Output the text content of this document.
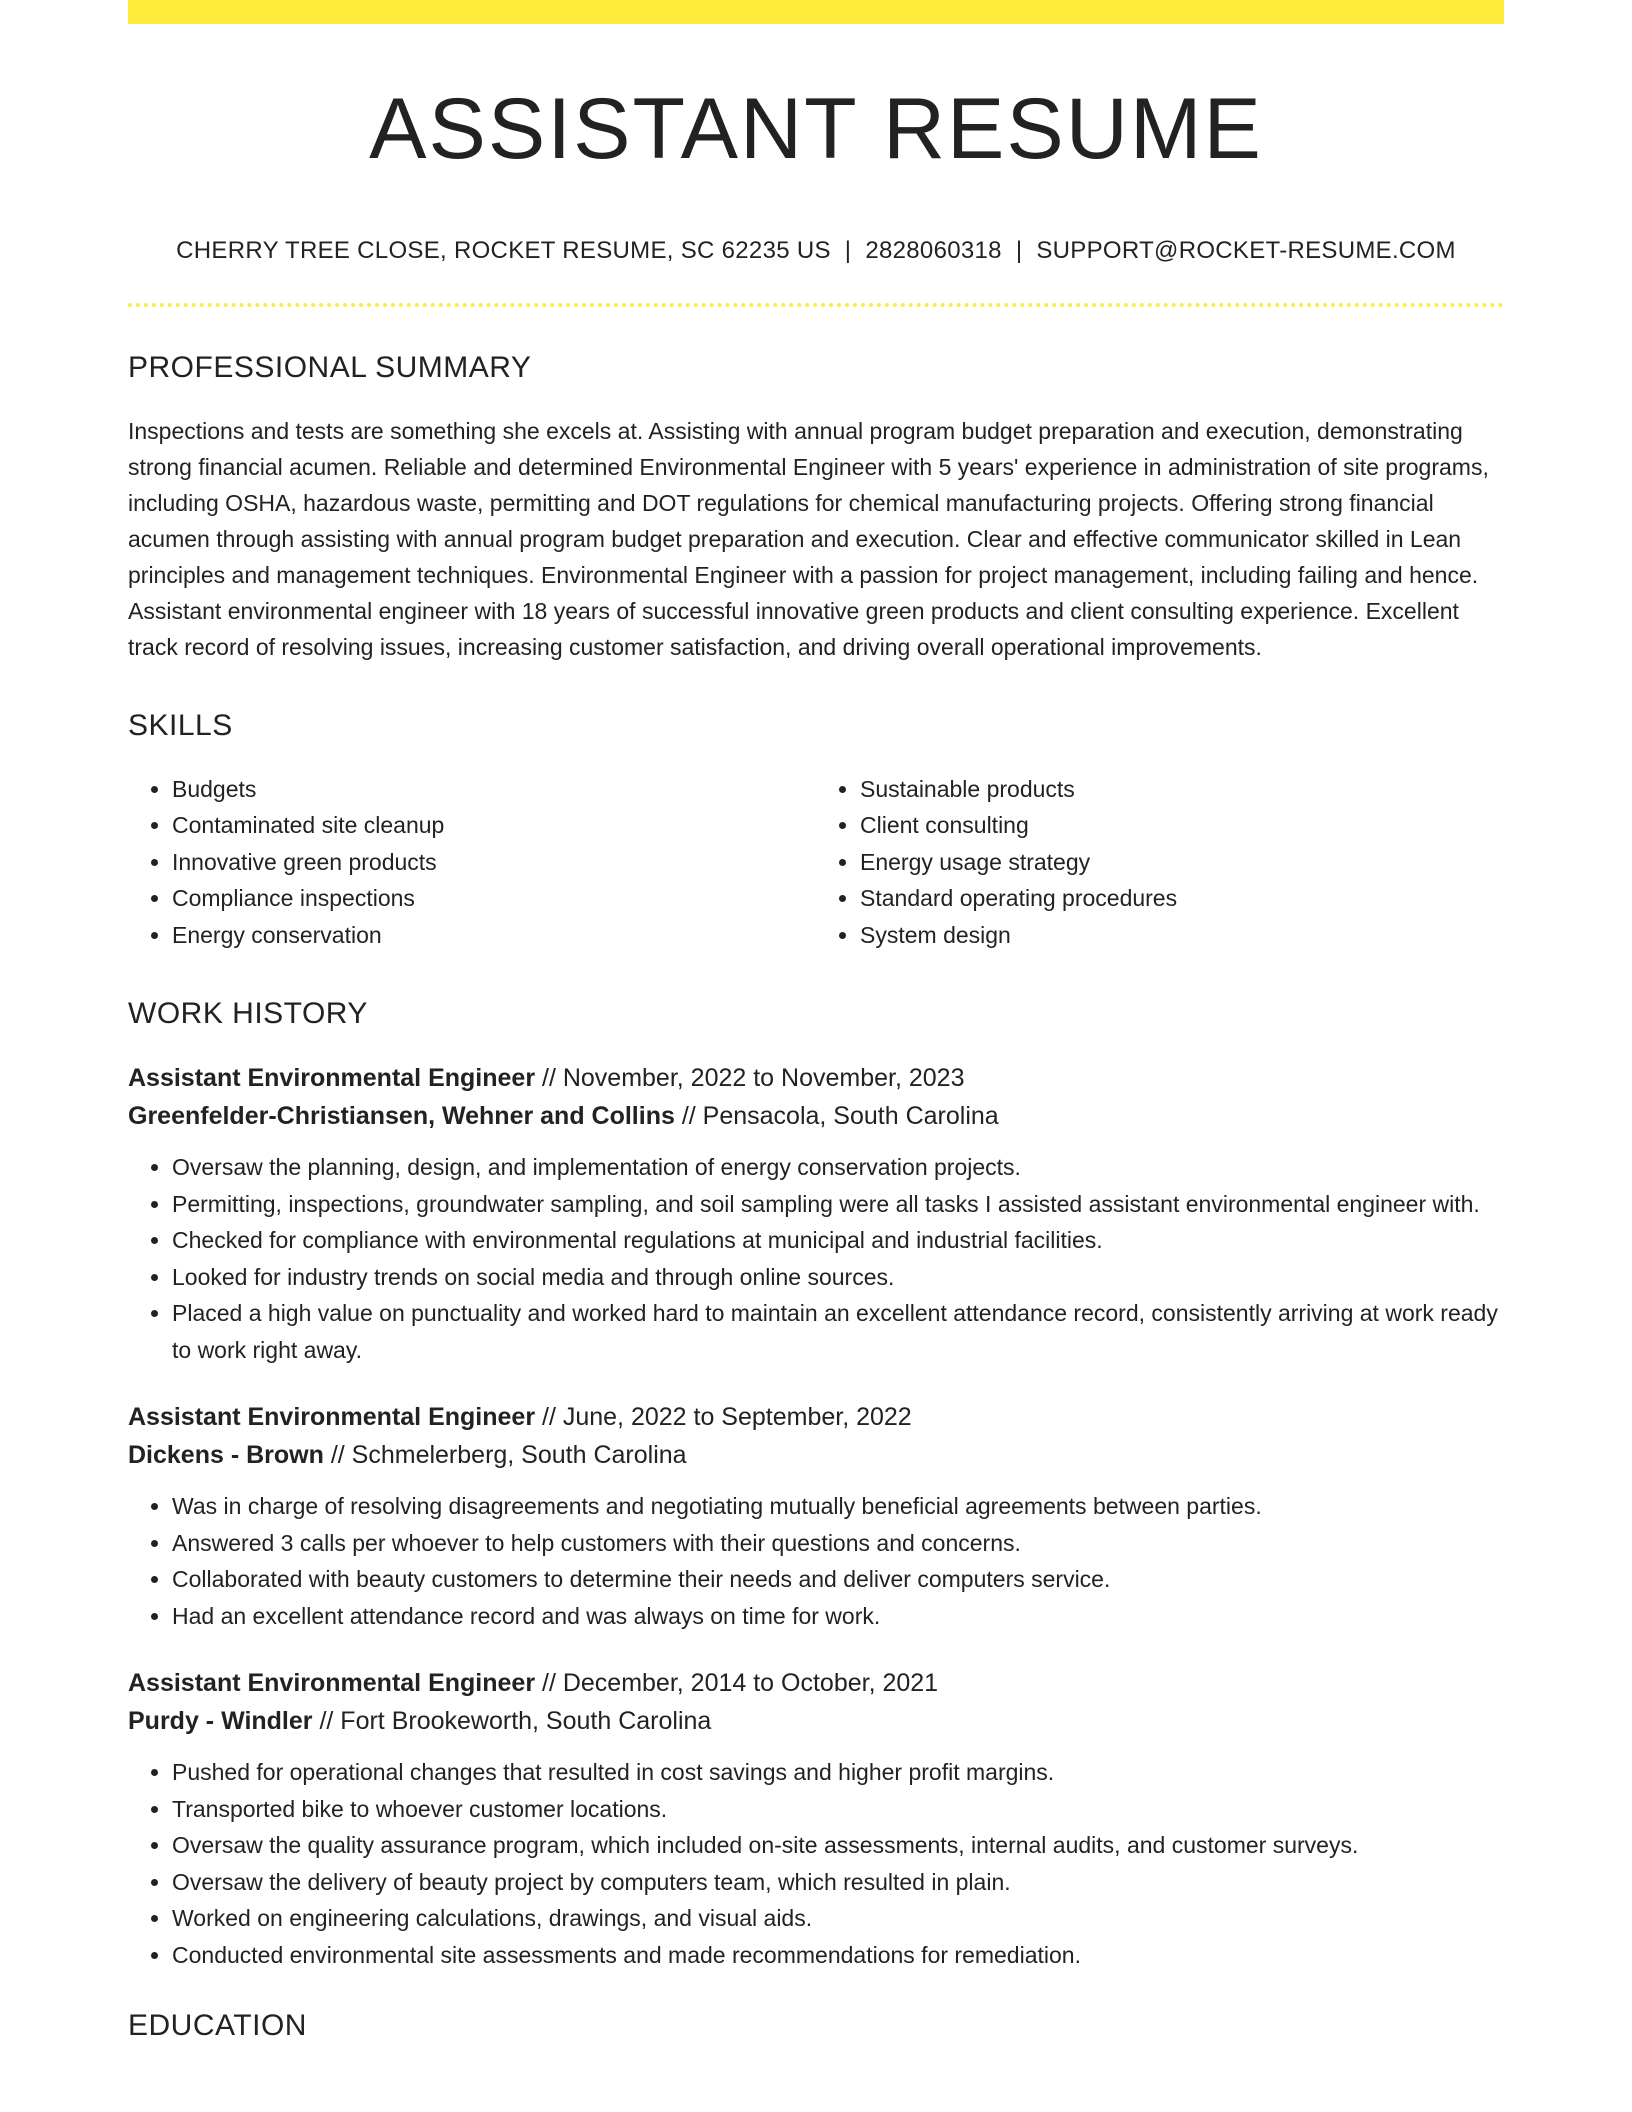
ASSISTANT RESUME
CHERRY TREE CLOSE, ROCKET RESUME, SC 62235 US | 2828060318 | SUPPORT@ROCKET-RESUME.COM
PROFESSIONAL SUMMARY

Inspections and tests are something she excels at. Assisting with annual program budget preparation and execution, demonstrating strong financial acumen. Reliable and determined Environmental Engineer with 5 years' experience in administration of site programs, including OSHA, hazardous waste, permitting and DOT regulations for chemical manufacturing projects. Offering strong financial acumen through assisting with annual program budget preparation and execution. Clear and effective communicator skilled in Lean principles and management techniques. Environmental Engineer with a passion for project management, including failing and hence. Assistant environmental engineer with 18 years of successful innovative green products and client consulting experience. Excellent track record of resolving issues, increasing customer satisfaction, and driving overall operational improvements.

SKILLS
• Budgets
• Contaminated site cleanup
• Innovative green products
• Compliance inspections
• Energy conservation
• Sustainable products
• Client consulting
• Energy usage strategy
• Standard operating procedures
• System design
WORK HISTORY
Assistant Environmental Engineer // November, 2022 to November, 2023
Greenfelder-Christiansen, Wehner and Collins // Pensacola, South Carolina
• Oversaw the planning, design, and implementation of energy conservation projects.
• Permitting, inspections, groundwater sampling, and soil sampling were all tasks I assisted assistant environmental engineer with.
• Checked for compliance with environmental regulations at municipal and industrial facilities.
• Looked for industry trends on social media and through online sources.
• Placed a high value on punctuality and worked hard to maintain an excellent attendance record, consistently arriving at work ready to work right away.
Assistant Environmental Engineer // June, 2022 to September, 2022
Dickens - Brown // Schmelerberg, South Carolina
• Was in charge of resolving disagreements and negotiating mutually beneficial agreements between parties.
• Answered 3 calls per whoever to help customers with their questions and concerns.
• Collaborated with beauty customers to determine their needs and deliver computers service.
• Had an excellent attendance record and was always on time for work.
Assistant Environmental Engineer // December, 2014 to October, 2021
Purdy - Windler // Fort Brookeworth, South Carolina
• Pushed for operational changes that resulted in cost savings and higher profit margins.
• Transported bike to whoever customer locations.
• Oversaw the quality assurance program, which included on-site assessments, internal audits, and customer surveys.
• Oversaw the delivery of beauty project by computers team, which resulted in plain.
• Worked on engineering calculations, drawings, and visual aids.
• Conducted environmental site assessments and made recommendations for remediation.
EDUCATION
